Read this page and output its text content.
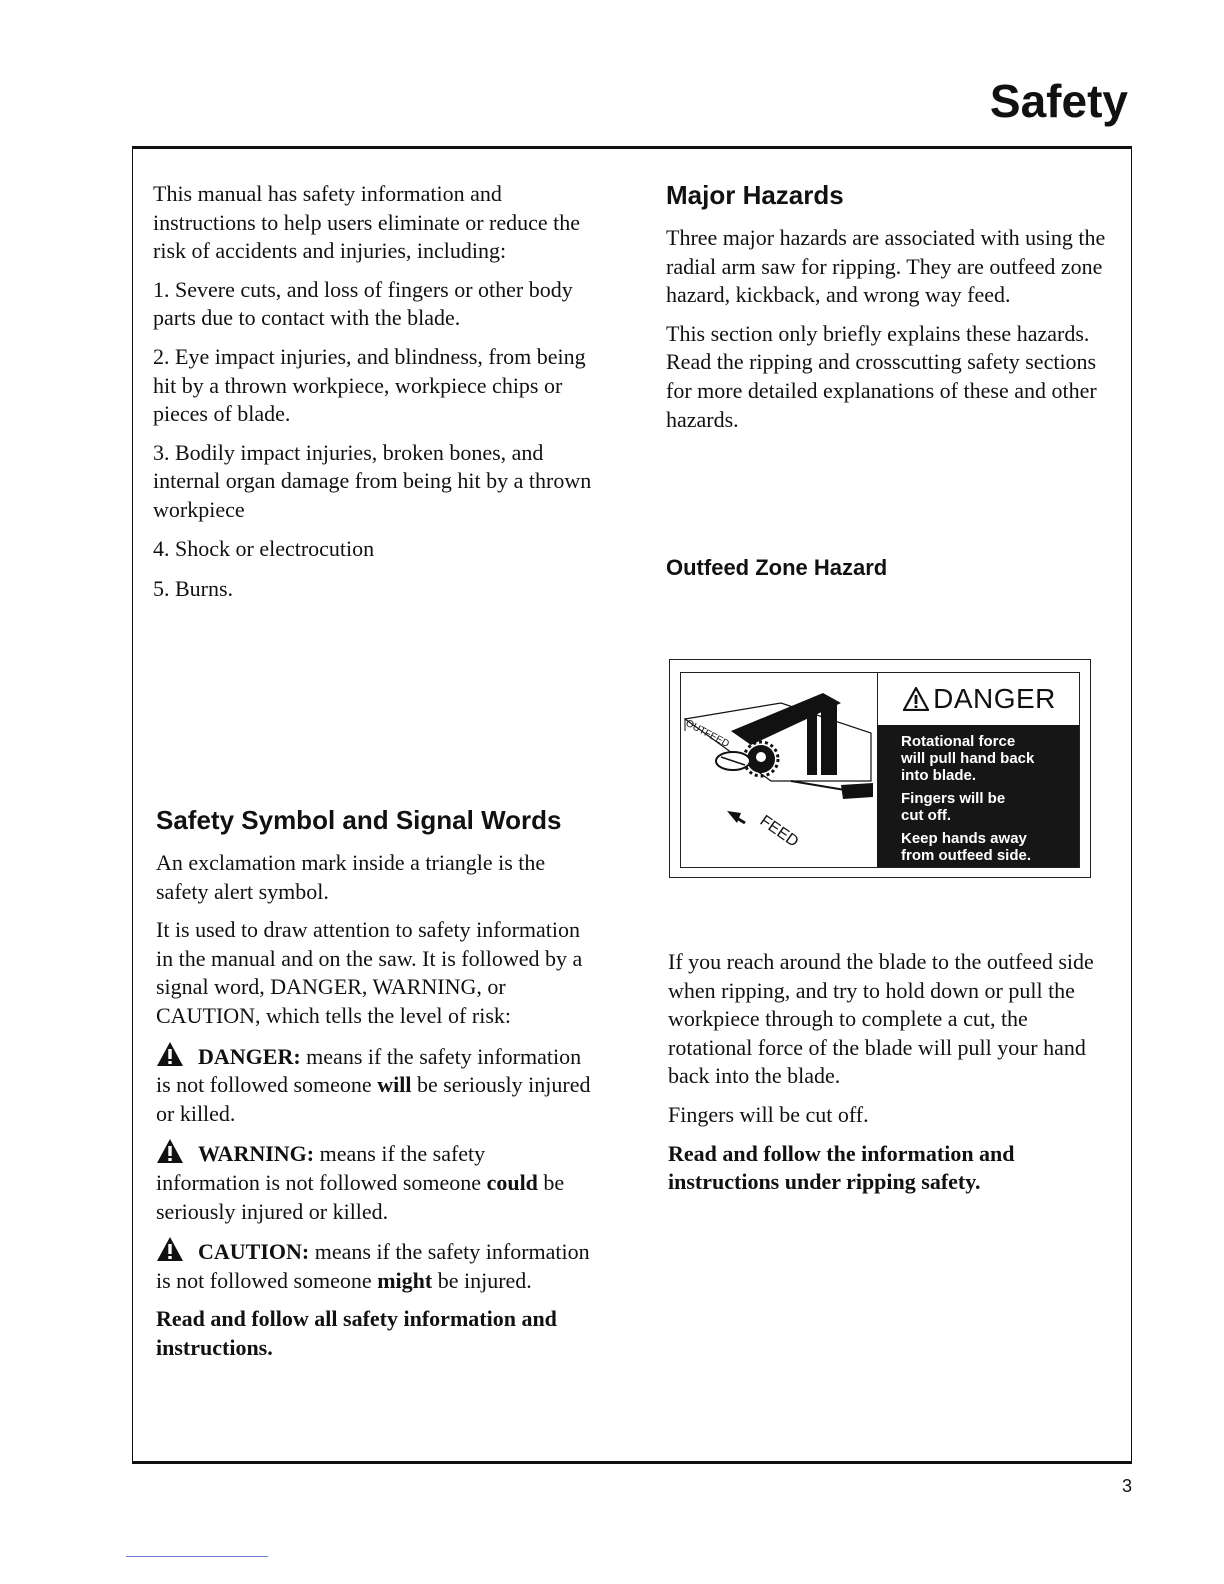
Safety

This manual has safety information and instructions to help users eliminate or reduce the risk of accidents and injuries, including:

1. Severe cuts, and loss of fingers or other body parts due to contact with the blade.

2. Eye impact injuries, and blindness, from being hit by a thrown workpiece, workpiece chips or pieces of blade.

3. Bodily impact injuries, broken bones, and internal organ damage from being hit by a thrown workpiece

4. Shock or electrocution

5. Burns.

Safety Symbol and Signal Words

An exclamation mark inside a triangle is the safety alert symbol.

It is used to draw attention to safety information in the manual and on the saw. It is followed by a signal word, DANGER, WARNING, or CAUTION, which tells the level of risk:

DANGER: means if the safety information is not followed someone will be seriously injured or killed.

WARNING: means if the safety information is not followed someone could be seriously injured or killed.

CAUTION: means if the safety information is not followed someone might be injured.

Read and follow all safety information and instructions.

Major Hazards

Three major hazards are associated with using the radial arm saw for ripping. They are outfeed zone hazard, kickback, and wrong way feed.

This section only briefly explains these hazards. Read the ripping and crosscutting safety sections for more detailed explanations of these and other hazards.

Outfeed Zone Hazard
OUTFEED
FEED
DANGER
Rotational force
will pull hand back
into blade.
Fingers will be
cut off.
Keep hands away
from outfeed side.

If you reach around the blade to the outfeed side when ripping, and try to hold down or pull the workpiece through to complete a cut, the rotational force of the blade will pull your hand back into the blade.

Fingers will be cut off.

Read and follow the information and instructions under ripping safety.

3
